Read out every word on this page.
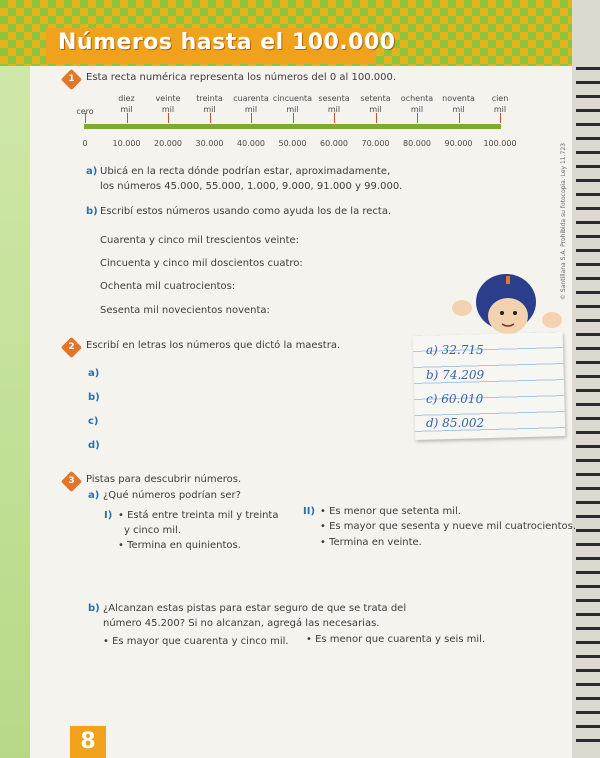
Números hasta el 100.000
1	Esta recta numérica representa los números del 0 al 100.000.
a) Ubicá en la recta dónde podrían estar, aproximadamente,
los números 45.000, 55.000, 1.000, 9.000, 91.000 y 99.000.
b) Escribí estos números usando como ayuda los de la recta.
Cuarenta y cinco mil trescientos veinte:
Cincuenta y cinco mil doscientos cuatro:
Ochenta mil cuatrocientos:
Sesenta mil novecientos noventa:
2	Escribí en letras los números que dictó la maestra.
a)
b)
c)
d)
a) 32.715
b) 74.209
c) 60.010
d) 85.002
3	Pistas para descubrir números.
a) ¿Qué números podrían ser?
I) • Está entre treinta mil y treinta
y cinco mil.
• Termina en quinientos.
II) • Es menor que setenta mil.
• Es mayor que sesenta y nueve mil cuatrocientos.
• Termina en veinte.
b) ¿Alcanzan estas pistas para estar seguro de que se trata del
número 45.200? Si no alcanzan, agregá las necesarias.
• Es mayor que cuarenta y cinco mil. • Es menor que cuarenta y seis mil.
8
© Santillana S.A. Prohibida su fotocopia. Ley 11.723
cero
0
diez
mil
10.000
veinte
mil
20.000
treinta
mil
30.000
cuarenta
mil
40.000
cincuenta
mil
50.000
sesenta
mil
60.000
setenta
mil
70.000
ochenta
mil
80.000
noventa
mil
90.000
cien
mil
100.000
